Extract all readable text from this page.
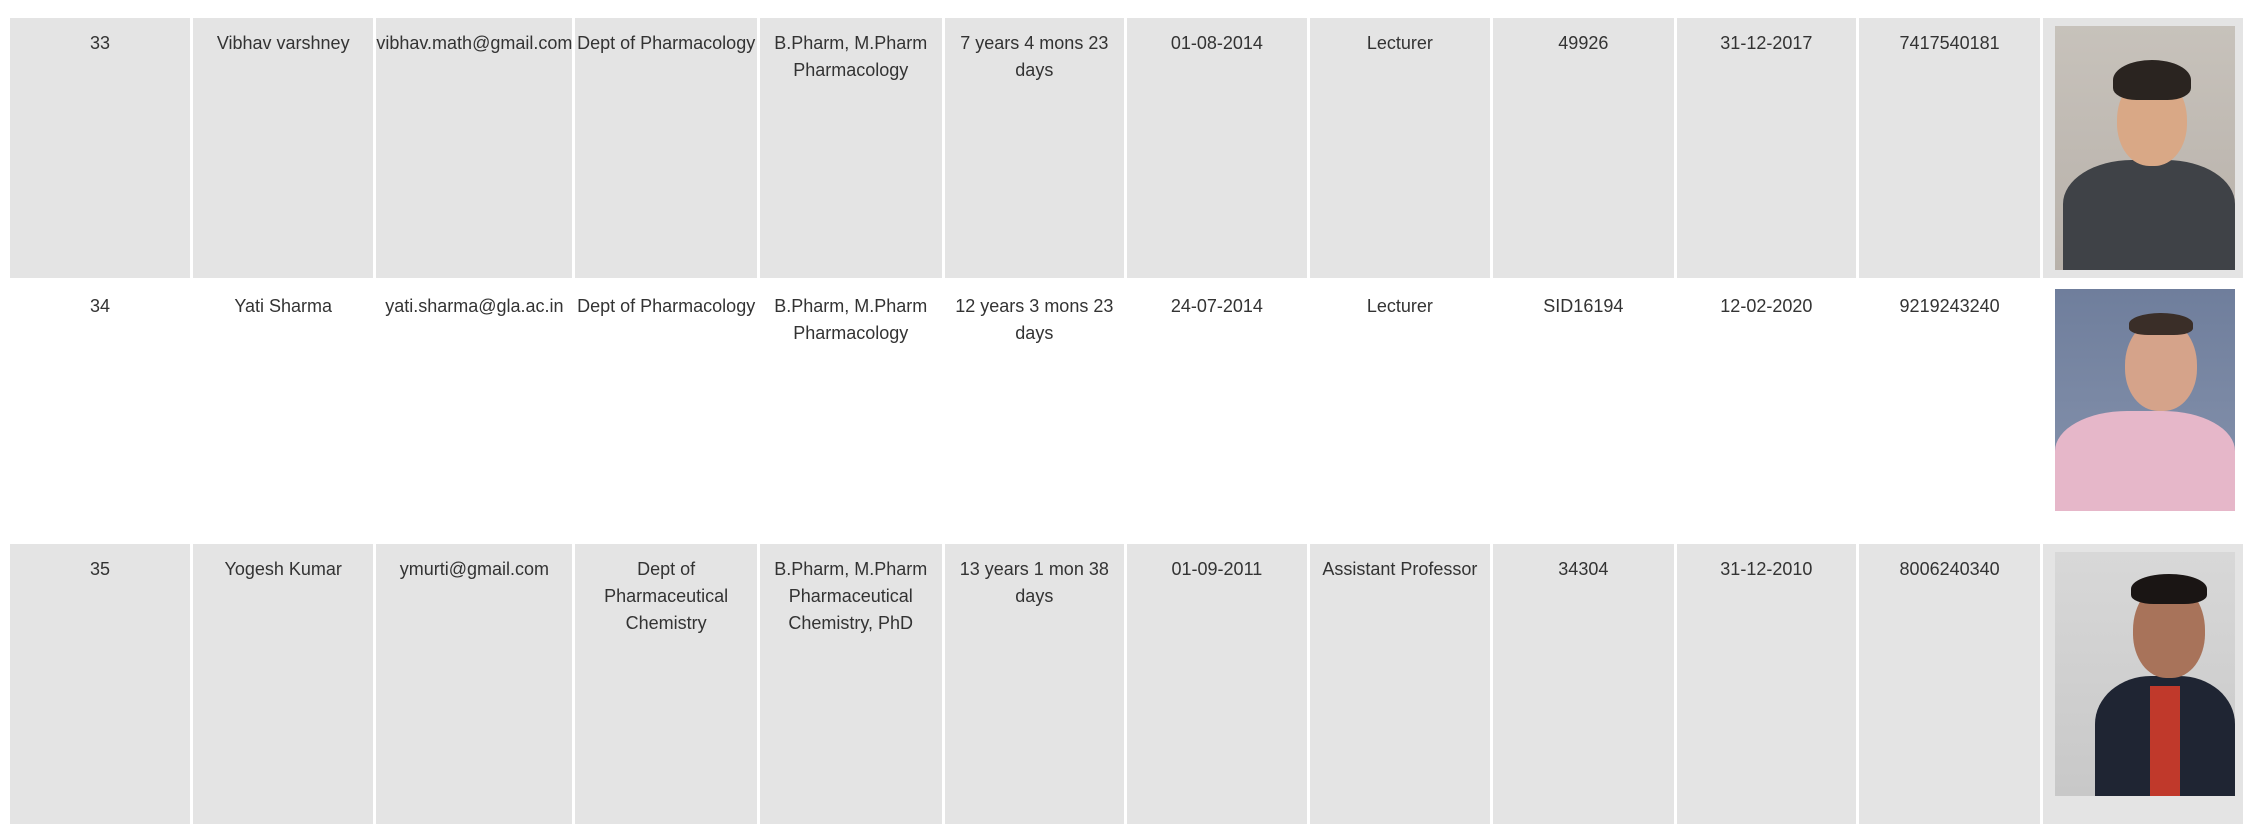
33	Vibhav varshney	vibhav.math@gmail.com	Dept of Pharmacology	B.Pharm, M.Pharm Pharmacology	7 years 4 mons 23 days	01-08-2014	Lecturer	49926	31-12-2017	7417540181	

34	Yati Sharma	yati.sharma@gla.ac.in	Dept of Pharmacology	B.Pharm, M.Pharm Pharmacology	12 years 3 mons 23 days	24-07-2014	Lecturer	SID16194	12-02-2020	9219243240	

35	Yogesh Kumar	ymurti@gmail.com	Dept of Pharmaceutical Chemistry	B.Pharm, M.Pharm Pharmaceutical Chemistry, PhD	13 years 1 mon 38 days	01-09-2011	Assistant Professor	34304	31-12-2010	8006240340	
